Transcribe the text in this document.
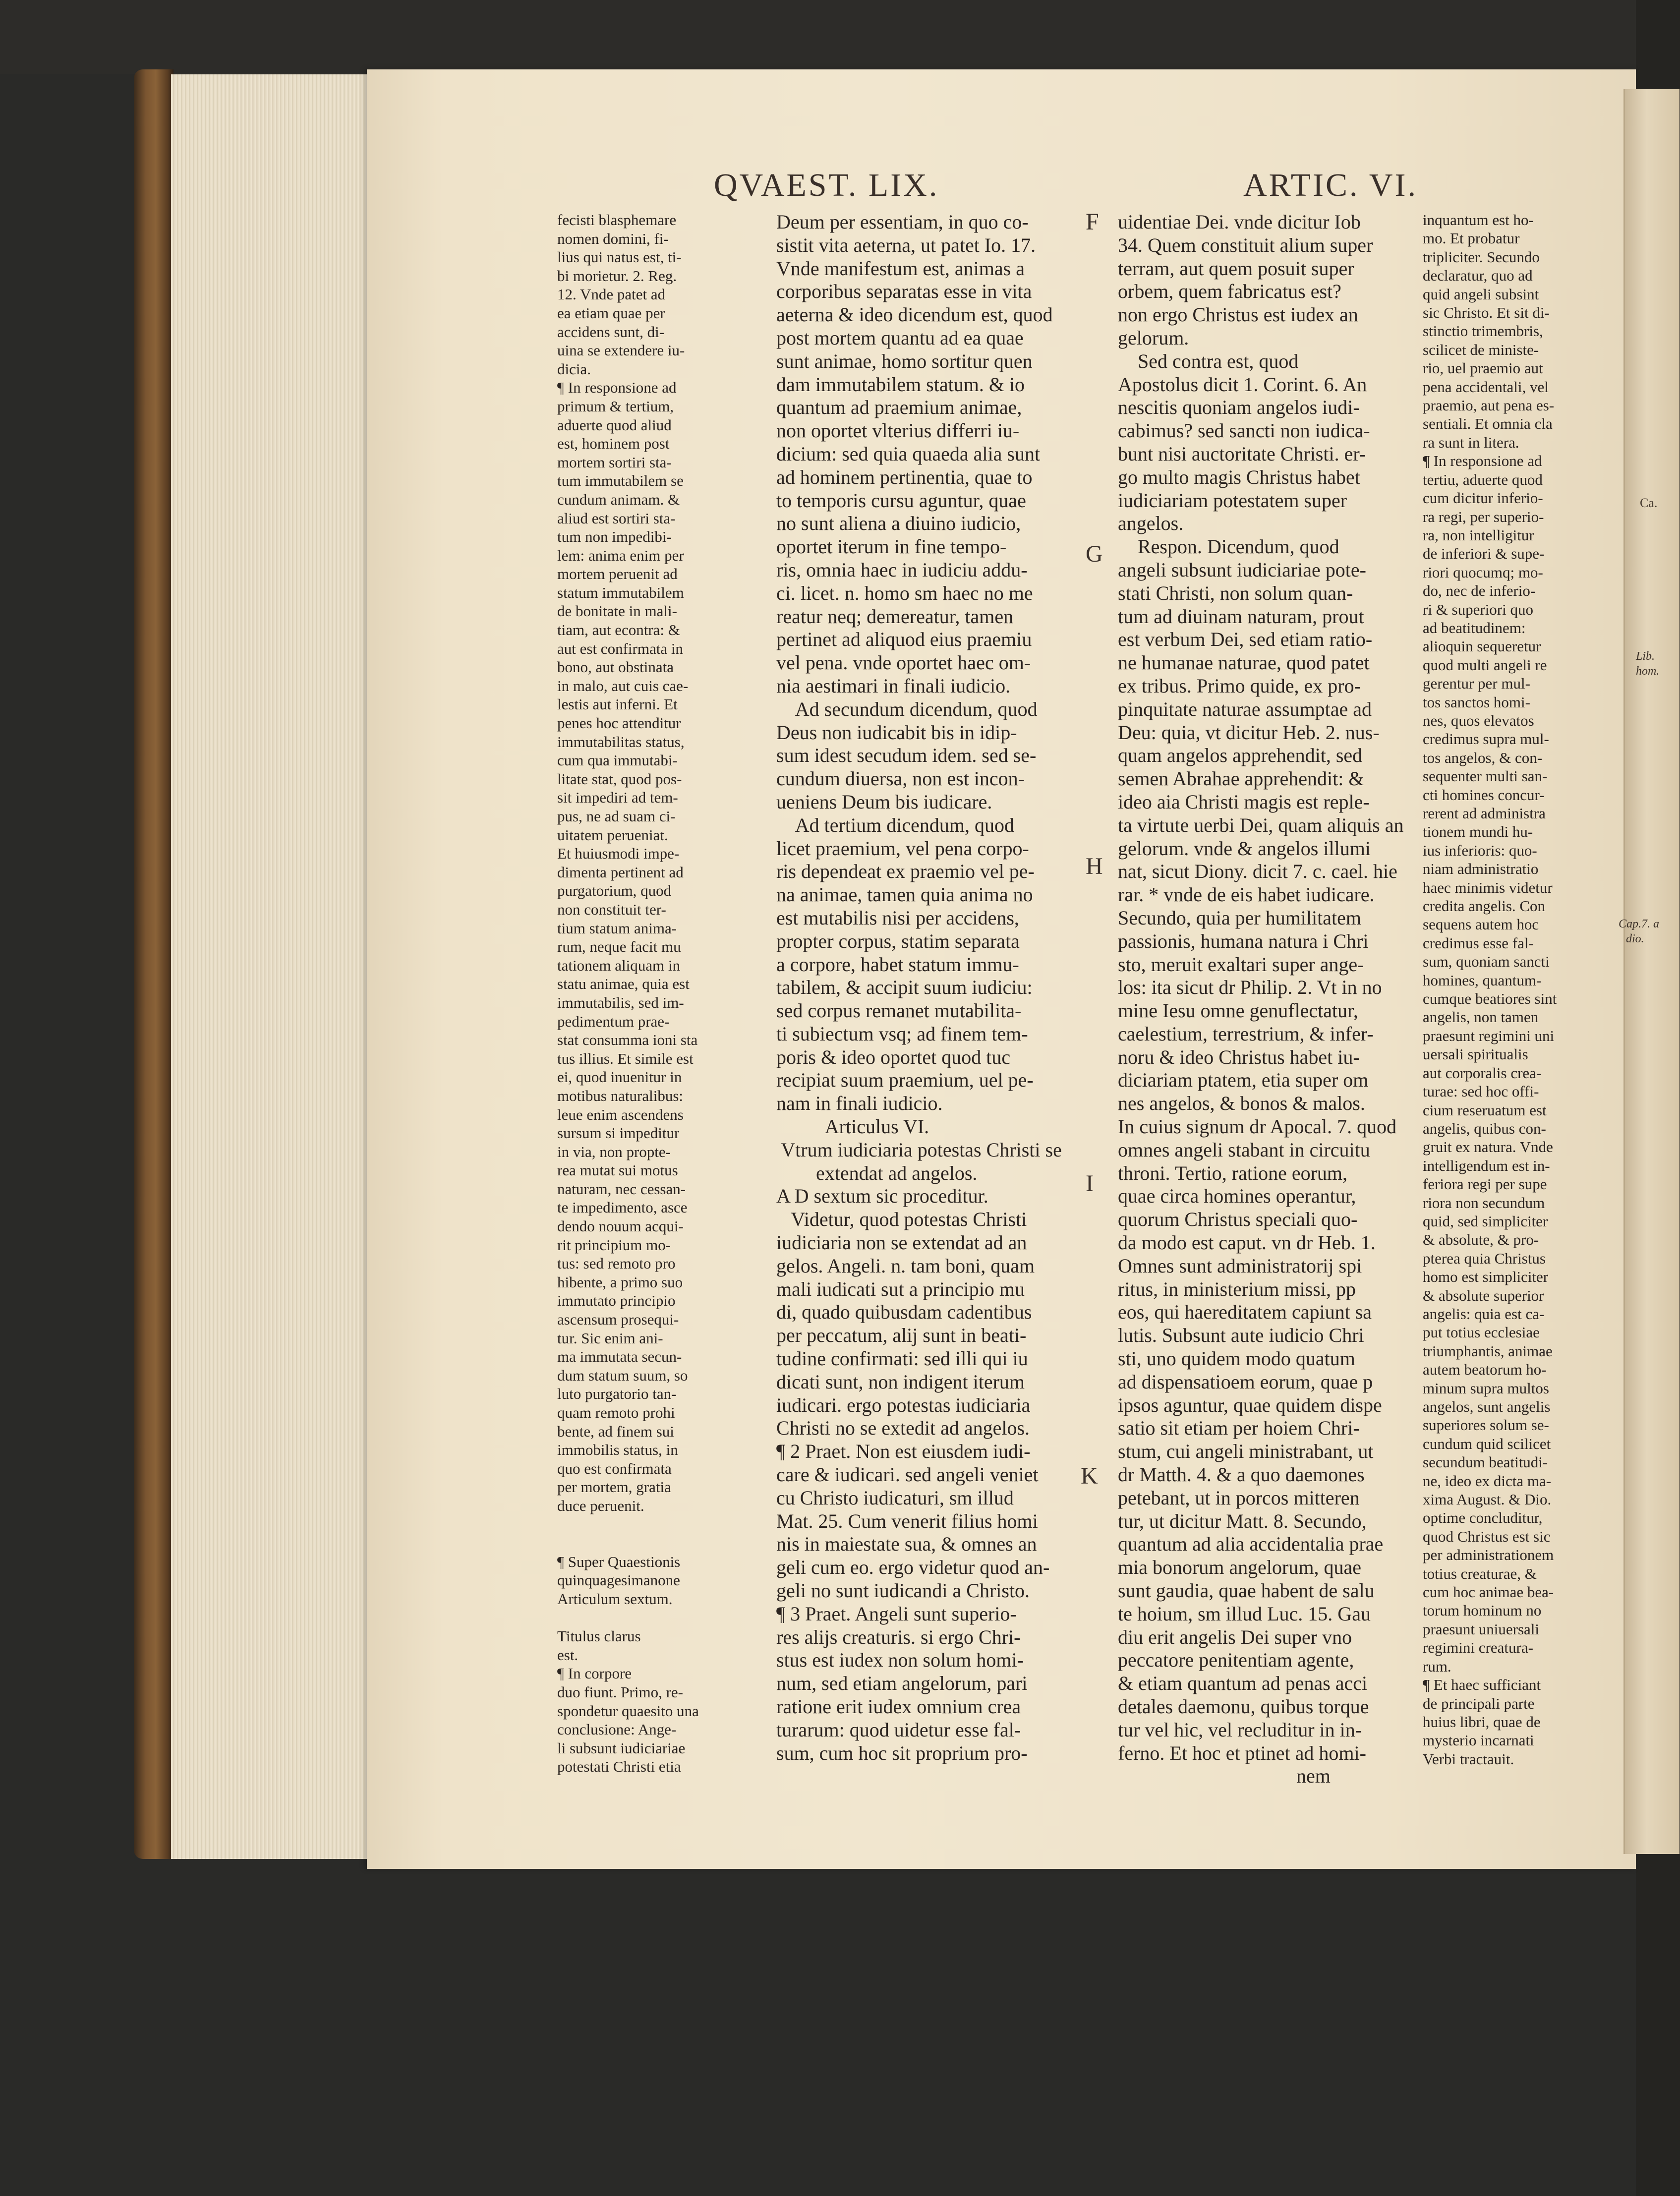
Ca.
QVAEST. LIX.	ARTIC. VI.
fecisti blasphemare
nomen domini, fi-
lius qui natus est, ti-
bi morietur. 2. Reg.
12. Vnde patet ad
ea etiam quae per
accidens sunt, di-
uina se extendere iu-
dicia.
¶ In responsione ad
primum & tertium,
aduerte quod aliud
est, hominem post
mortem sortiri sta-
tum immutabilem se
cundum animam. &
aliud est sortiri sta-
tum non impedibi-
lem: anima enim per
mortem peruenit ad
statum immutabilem
de bonitate in mali-
tiam, aut econtra: &
aut est confirmata in
bono, aut obstinata
in malo, aut cuis cae-
lestis aut inferni. Et
penes hoc attenditur
immutabilitas status,
cum qua immutabi-
litate stat, quod pos-
sit impediri ad tem-
pus, ne ad suam ci-
uitatem perueniat.
Et huiusmodi impe-
dimenta pertinent ad
purgatorium, quod
non constituit ter-
tium statum anima-
rum, neque facit mu
tationem aliquam in
statu animae, quia est
immutabilis, sed im-
pedimentum prae-
stat consumma ioni sta
tus illius. Et simile est
ei, quod inuenitur in
motibus naturalibus:
leue enim ascendens
sursum si impeditur
in via, non propte-
rea mutat sui motus
naturam, nec cessan-
te impedimento, asce
dendo nouum acqui-
rit principium mo-
tus: sed remoto pro
hibente, a primo suo
immutato principio
ascensum prosequi-
tur. Sic enim ani-
ma immutata secun-
dum statum suum, so
luto purgatorio tan-
quam remoto prohi
bente, ad finem sui
immobilis status, in
quo est confirmata
per mortem, gratia
duce peruenit.

¶ Super Quaestionis
quinquagesimanone
Articulum sextum.

Titulus clarus
est.
¶ In corpore
duo fiunt. Primo, re-
spondetur quaesito una
conclusione: Ange-
li subsunt iudiciariae
potestati Christi etia
Deum per essentiam, in quo co-
sistit vita aeterna, ut patet Io. 17.
Vnde manifestum est, animas a
corporibus separatas esse in vita
aeterna & ideo dicendum est, quod
post mortem quantu ad ea quae
sunt animae, homo sortitur quen
dam immutabilem statum. & io
quantum ad praemium animae,
non oportet vlterius differri iu-
dicium: sed quia quaeda alia sunt
ad hominem pertinentia, quae to
to temporis cursu aguntur, quae
no sunt aliena a diuino iudicio,
oportet iterum in fine tempo-
ris, omnia haec in iudiciu addu-
ci. licet. n. homo sm haec no me
reatur neq; demereatur, tamen
pertinet ad aliquod eius praemiu
vel pena. vnde oportet haec om-
nia aestimari in finali iudicio.
Ad secundum dicendum, quod
Deus non iudicabit bis in idip-
sum idest secudum idem. sed se-
cundum diuersa, non est incon-
ueniens Deum bis iudicare.
Ad tertium dicendum, quod
licet praemium, vel pena corpo-
ris dependeat ex praemio vel pe-
na animae, tamen quia anima no
est mutabilis nisi per accidens,
propter corpus, statim separata
a corpore, habet statum immu-
tabilem, & accipit suum iudiciu:
sed corpus remanet mutabilita-
ti subiectum vsq; ad finem tem-
poris & ideo oportet quod tuc
recipiat suum praemium, uel pe-
nam in finali iudicio.
Articulus VI.
Vtrum iudiciaria potestas Christi se
extendat ad angelos.
A D sextum sic proceditur.
Videtur, quod potestas Christi
iudiciaria non se extendat ad an
gelos. Angeli. n. tam boni, quam
mali iudicati sut a principio mu
di, quado quibusdam cadentibus
per peccatum, alij sunt in beati-
tudine confirmati: sed illi qui iu
dicati sunt, non indigent iterum
iudicari. ergo potestas iudiciaria
Christi no se extedit ad angelos.
¶ 2 Praet. Non est eiusdem iudi-
care & iudicari. sed angeli veniet
cu Christo iudicaturi, sm illud
Mat. 25. Cum venerit filius homi
nis in maiestate sua, & omnes an
geli cum eo. ergo videtur quod an-
geli no sunt iudicandi a Christo.
¶ 3 Praet. Angeli sunt superio-
res alijs creaturis. si ergo Chri-
stus est iudex non solum homi-
num, sed etiam angelorum, pari
ratione erit iudex omnium crea
turarum: quod uidetur esse fal-
sum, cum hoc sit proprium pro-
uidentiae Dei. vnde dicitur Iob
34. Quem constituit alium super
terram, aut quem posuit super
orbem, quem fabricatus est?
non ergo Christus est iudex an
gelorum.
Sed contra est, quod
Apostolus dicit 1. Corint. 6. An
nescitis quoniam angelos iudi-
cabimus? sed sancti non iudica-
bunt nisi auctoritate Christi. er-
go multo magis Christus habet
iudiciariam potestatem super
angelos.
Respon. Dicendum, quod
angeli subsunt iudiciariae pote-
stati Christi, non solum quan-
tum ad diuinam naturam, prout
est verbum Dei, sed etiam ratio-
ne humanae naturae, quod patet
ex tribus. Primo quide, ex pro-
pinquitate naturae assumptae ad
Deu: quia, vt dicitur Heb. 2. nus-
quam angelos apprehendit, sed
semen Abrahae apprehendit: &
ideo aia Christi magis est reple-
ta virtute uerbi Dei, quam aliquis an
gelorum. vnde & angelos illumi
nat, sicut Diony. dicit 7. c. cael. hie
rar. * vnde de eis habet iudicare.
Secundo, quia per humilitatem
passionis, humana natura i Chri
sto, meruit exaltari super ange-
los: ita sicut dr Philip. 2. Vt in no
mine Iesu omne genuflectatur,
caelestium, terrestrium, & infer-
noru & ideo Christus habet iu-
diciariam ptatem, etia super om
nes angelos, & bonos & malos.
In cuius signum dr Apocal. 7. quod
omnes angeli stabant in circuitu
throni. Tertio, ratione eorum,
quae circa homines operantur,
quorum Christus speciali quo-
da modo est caput. vn dr Heb. 1.
Omnes sunt administratorij spi
ritus, in ministerium missi, pp
eos, qui haereditatem capiunt sa
lutis. Subsunt aute iudicio Chri
sti, uno quidem modo quatum
ad dispensatioem eorum, quae p
ipsos aguntur, quae quidem dispe
satio sit etiam per hoiem Chri-
stum, cui angeli ministrabant, ut
dr Matth. 4. & a quo daemones
petebant, ut in porcos mitteren
tur, ut dicitur Matt. 8. Secundo,
quantum ad alia accidentalia prae
mia bonorum angelorum, quae
sunt gaudia, quae habent de salu
te hoium, sm illud Luc. 15. Gau
diu erit angelis Dei super vno
peccatore penitentiam agente,
& etiam quantum ad penas acci
detales daemonu, quibus torque
tur vel hic, vel recluditur in in-
ferno. Et hoc et ptinet ad homi-
nem
inquantum est ho-
mo. Et probatur
tripliciter. Secundo
declaratur, quo ad
quid angeli subsint
sic Christo. Et sit di-
stinctio trimembris,
scilicet de ministe-
rio, uel praemio aut
pena accidentali, vel
praemio, aut pena es-
sentiali. Et omnia cla
ra sunt in litera.
¶ In responsione ad
tertiu, aduerte quod
cum dicitur inferio-
ra regi, per superio-
ra, non intelligitur
de inferiori & supe-
riori quocumq; mo-
do, nec de inferio-
ri & superiori quo
ad beatitudinem:
alioquin sequeretur
quod multi angeli re
gerentur per mul-
tos sanctos homi-
nes, quos elevatos
credimus supra mul-
tos angelos, & con-
sequenter multi san-
cti homines concur-
rerent ad administra
tionem mundi hu-
ius inferioris: quo-
niam administratio
haec minimis videtur
credita angelis. Con
sequens autem hoc
credimus esse fal-
sum, quoniam sancti
homines, quantum-
cumque beatiores sint
angelis, non tamen
praesunt regimini uni
uersali spiritualis
aut corporalis crea-
turae: sed hoc offi-
cium reseruatum est
angelis, quibus con-
gruit ex natura. Vnde
intelligendum est in-
feriora regi per supe
riora non secundum
quid, sed simpliciter
& absolute, & pro-
pterea quia Christus
homo est simpliciter
& absolute superior
angelis: quia est ca-
put totius ecclesiae
triumphantis, animae
autem beatorum ho-
minum supra multos
angelos, sunt angelis
superiores solum se-
cundum quid scilicet
secundum beatitudi-
ne, ideo ex dicta ma-
xima August. & Dio.
optime concluditur,
quod Christus est sic
per administrationem
totius creaturae, &
cum hoc animae bea-
torum hominum no
praesunt uniuersali
regimini creatura-
rum.
¶ Et haec sufficiant
de principali parte
huius libri, quae de
mysterio incarnati
Verbi tractauit.
F
G
H
I
K
Lib.
hom.
Cap.7. a
dio.
